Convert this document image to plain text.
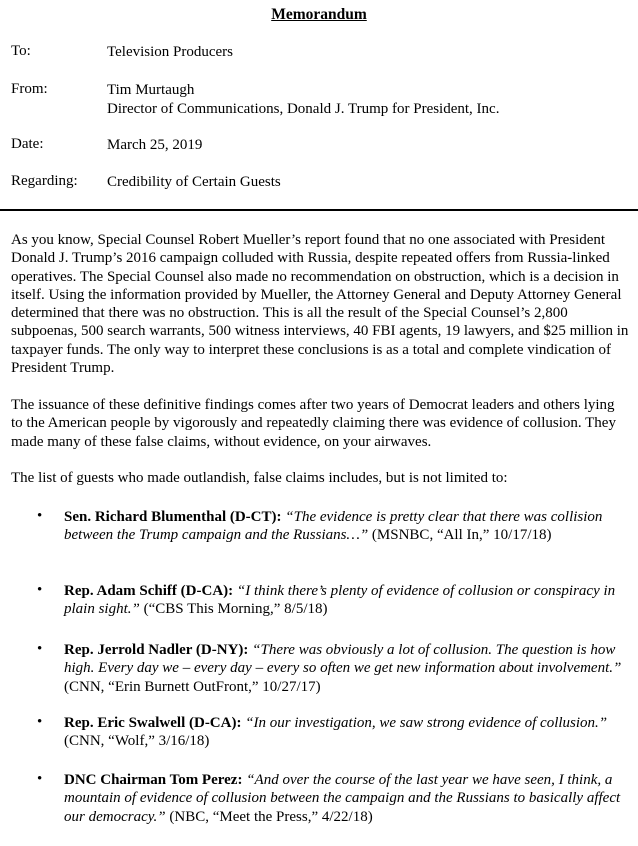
Memorandum
To:	Television Producers
From:	Tim Murtaugh
Director of Communications, Donald J. Trump for President, Inc.
Date:	March 25, 2019
Regarding: Credibility of Certain Guests

As you know, Special Counsel Robert Mueller’s report found that no one associated with President Donald J. Trump’s 2016 campaign colluded with Russia, despite repeated offers from Russia-linked operatives. The Special Counsel also made no recommendation on obstruction, which is a decision in itself. Using the information provided by Mueller, the Attorney General and Deputy Attorney General determined that there was no obstruction. This is all the result of the Special Counsel’s 2,800 subpoenas, 500 search warrants, 500 witness interviews, 40 FBI agents, 19 lawyers, and $25 million in taxpayer funds. The only way to interpret these conclusions is as a total and complete vindication of President Trump.

The issuance of these definitive findings comes after two years of Democrat leaders and others lying to the American people by vigorously and repeatedly claiming there was evidence of collusion. They made many of these false claims, without evidence, on your airwaves.

The list of guests who made outlandish, false claims includes, but is not limited to:

• Sen. Richard Blumenthal (D-CT): “The evidence is pretty clear that there was collision between the Trump campaign and the Russians…” (MSNBC, “All In,” 10/17/18)

• Rep. Adam Schiff (D-CA): “I think there’s plenty of evidence of collusion or conspiracy in plain sight.” (“CBS This Morning,” 8/5/18)

• Rep. Jerrold Nadler (D-NY): “There was obviously a lot of collusion. The question is how high. Every day we – every day – every so often we get new information about involvement.” (CNN, “Erin Burnett OutFront,” 10/27/17)

• Rep. Eric Swalwell (D-CA): “In our investigation, we saw strong evidence of collusion.” (CNN, “Wolf,” 3/16/18)

• DNC Chairman Tom Perez: “And over the course of the last year we have seen, I think, a mountain of evidence of collusion between the campaign and the Russians to basically affect our democracy.” (NBC, “Meet the Press,” 4/22/18)
